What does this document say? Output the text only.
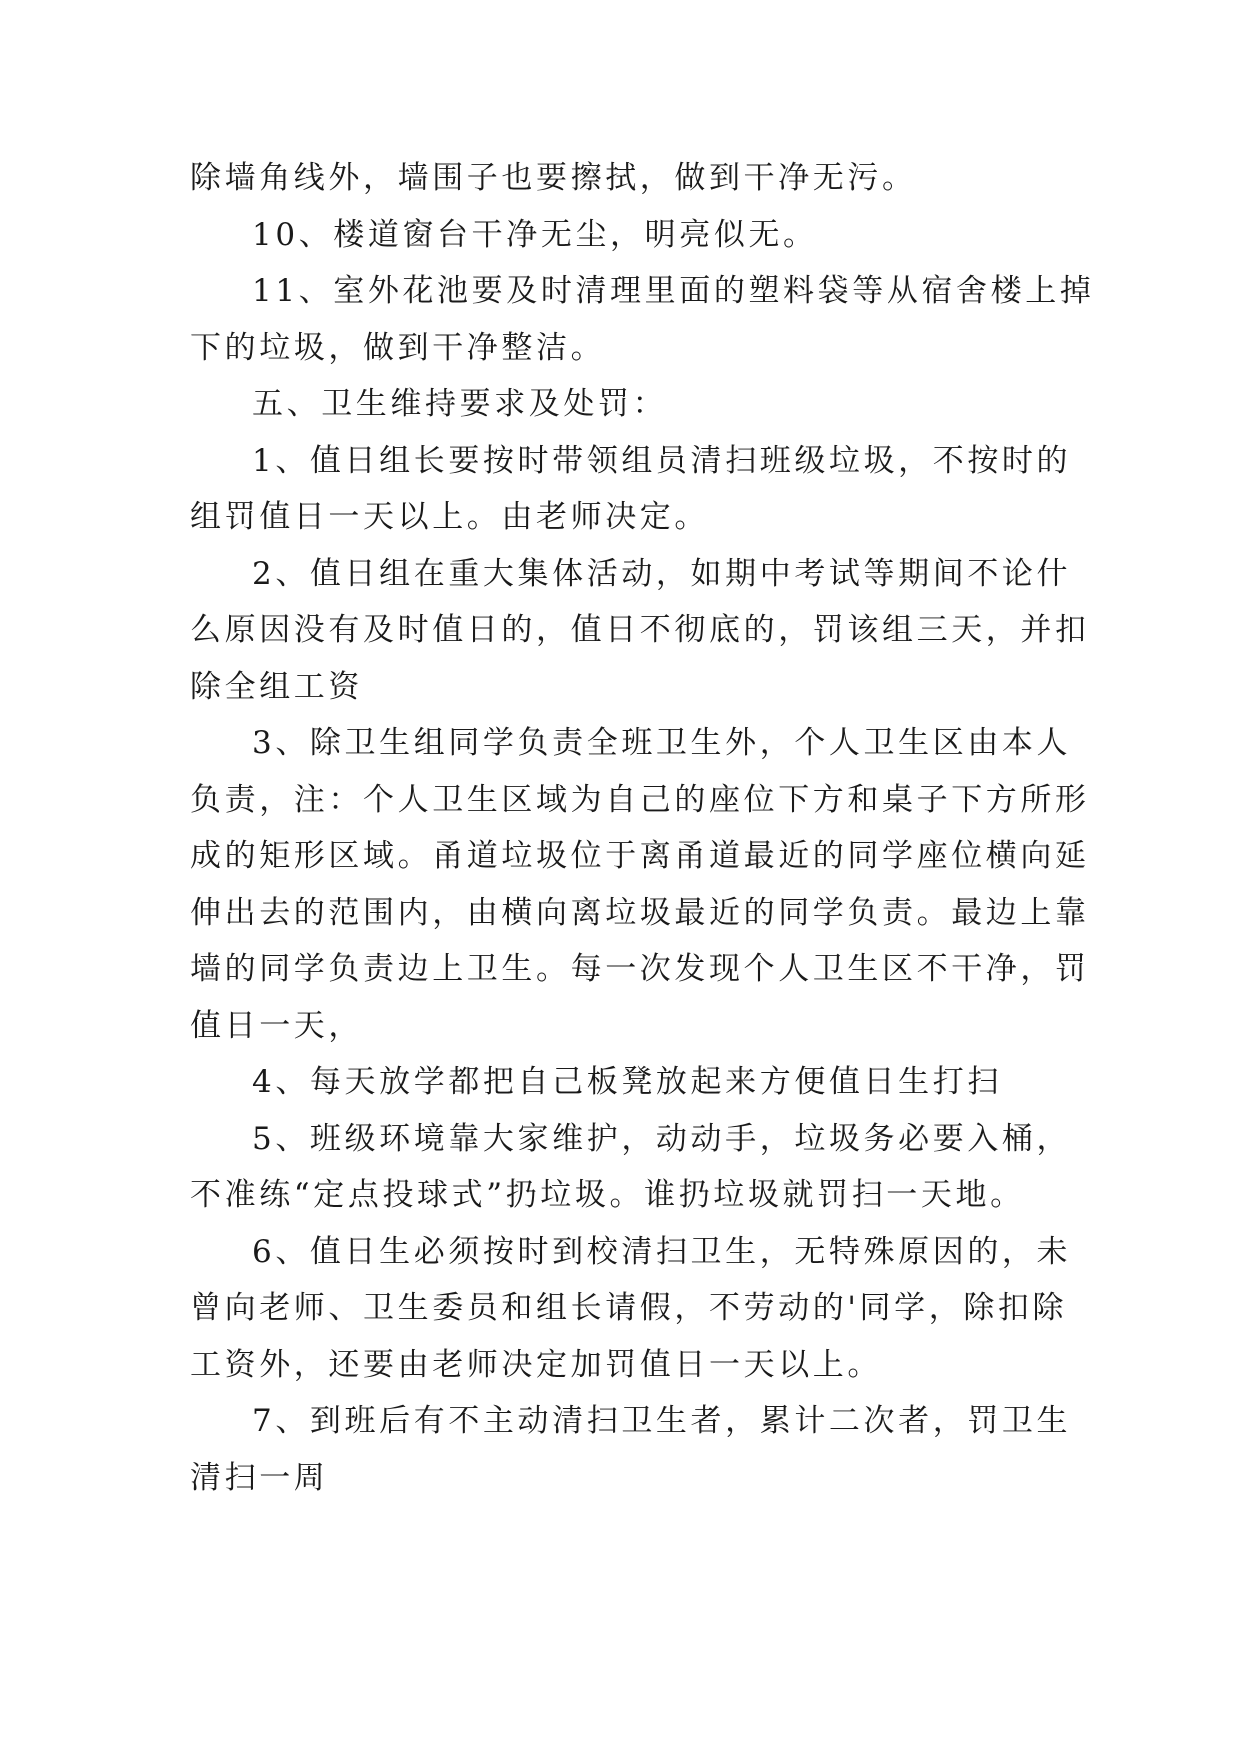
除墙角线外，墙围子也要擦拭，做到干净无污。
10、楼道窗台干净无尘，明亮似无。
11、室外花池要及时清理里面的塑料袋等从宿舍楼上掉
下的垃圾，做到干净整洁。
五、卫生维持要求及处罚：
1、值日组长要按时带领组员清扫班级垃圾，不按时的
组罚值日一天以上。由老师决定。
2、值日组在重大集体活动，如期中考试等期间不论什
么原因没有及时值日的，值日不彻底的，罚该组三天，并扣
除全组工资
3、除卫生组同学负责全班卫生外，个人卫生区由本人
负责，注：个人卫生区域为自己的座位下方和桌子下方所形
成的矩形区域。甬道垃圾位于离甬道最近的同学座位横向延
伸出去的范围内，由横向离垃圾最近的同学负责。最边上靠
墙的同学负责边上卫生。每一次发现个人卫生区不干净，罚
值日一天，
4、每天放学都把自己板凳放起来方便值日生打扫
5、班级环境靠大家维护，动动手，垃圾务必要入桶，
不准练“定点投球式”扔垃圾。谁扔垃圾就罚扫一天地。
6、值日生必须按时到校清扫卫生，无特殊原因的，未
曾向老师、卫生委员和组长请假，不劳动的'同学，除扣除
工资外，还要由老师决定加罚值日一天以上。
7、到班后有不主动清扫卫生者，累计二次者，罚卫生
清扫一周
